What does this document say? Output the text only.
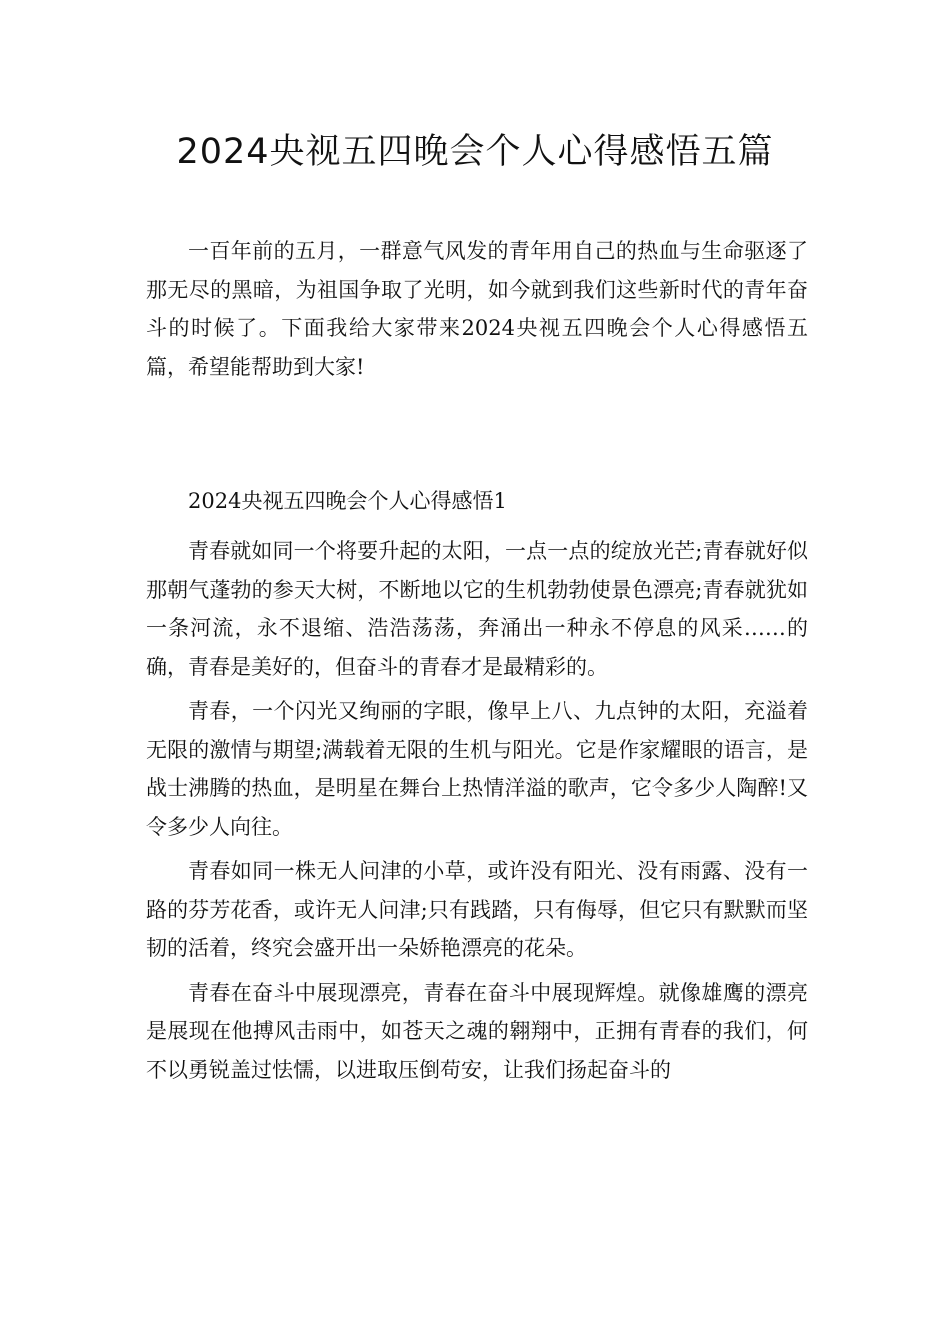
2024央视五四晚会个人心得感悟五篇

一百年前的五月，一群意气风发的青年用自己的热血与生命驱逐了那无尽的黑暗，为祖国争取了光明，如今就到我们这些新时代的青年奋斗的时候了。下面我给大家带来2024央视五四晚会个人心得感悟五篇，希望能帮助到大家!

2024央视五四晚会个人心得感悟1

青春就如同一个将要升起的太阳，一点一点的绽放光芒;青春就好似那朝气蓬勃的参天大树，不断地以它的生机勃勃使景色漂亮;青春就犹如一条河流，永不退缩、浩浩荡荡，奔涌出一种永不停息的风采……的确，青春是美好的，但奋斗的青春才是最精彩的。

青春，一个闪光又绚丽的字眼，像早上八、九点钟的太阳，充溢着无限的激情与期望;满载着无限的生机与阳光。它是作家耀眼的语言，是战士沸腾的热血，是明星在舞台上热情洋溢的歌声，它令多少人陶醉!又令多少人向往。

青春如同一株无人问津的小草，或许没有阳光、没有雨露、没有一路的芬芳花香，或许无人问津;只有践踏，只有侮辱，但它只有默默而坚韧的活着，终究会盛开出一朵娇艳漂亮的花朵。

青春在奋斗中展现漂亮，青春在奋斗中展现辉煌。就像雄鹰的漂亮是展现在他搏风击雨中，如苍天之魂的翱翔中，正拥有青春的我们，何不以勇锐盖过怯懦，以进取压倒苟安，让我们扬起奋斗的
